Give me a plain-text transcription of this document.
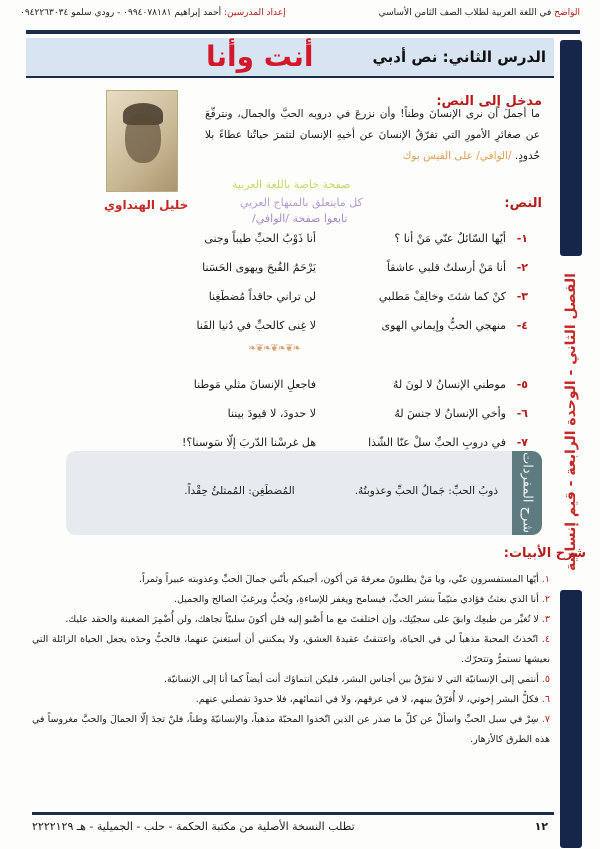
الواضح في اللغة العربية لطلاب الصف الثامن الأساسي
إعداد المدرسين: أحمد إبراهيم ٠٩٩٤٠٧٨١٨١ - رودي سلمو ٠٩٤٢٢٦٣٠٣٤
الدرس الثاني: نص أدبي
أنت وأنا
الفصل الثاني - الوحدة الرابعة - قيم إنسانية
مدخل إلى النص:
ما أجملَ أن نرى الإنسانَ وطناً! وأن نزرعَ في دروبه الحبَّ والجمال، ونترفّعَ عن صغائرِ الأمورِ التي تفرّقُ الإنسانَ عن أخيهِ الإنسان لتثمرَ حياتُنا عطاءً بلا حُدودٍ. /الوافي/ على الفيس بوك
خليل الهنداوي
صفحة خاصة باللغة العربية
كل مايتعلق بالمنهاج العربي
تابعوا صفحة /الوافي/
النص:
١-
أيّها السّائلُ عنّي مَنْ أنا ؟
أنا ذَوْبُ الحبِّ طيباً وجنى
٢-
أنا مَنْ أرسلتُ قلبي عاشقاً
يَرْحَمُ القُبحَ ويهوى الحَسَنا
٣-
كنْ كما شئتَ وخالِفْ مَطلبي
لن تراني حاقداً مُضطَغِنا
٤-
منهجي الحبُّ وإيماني الهوى
لا غِنى كالحبِّ في دُنيا الفَنا
٥-
موطني الإنسانُ لا لونَ لهُ
فاجعلِ الإنسانَ مثلي مَوطنا
٦-
وأخي الإنسانُ لا جنسَ لهُ
لا حدودَ، لا قيودَ بيننا
٧-
في دروبِ الحبِّ سلْ عنّا الشّذا
هل غرسْنا الدّربَ إلّا سَوسنا؟!
❧❦❧❦❧❦❧
شرح المفردات
ذوبُ الحبِّ: جَمالُ الحبِّ وعذوبتُهُ.
المُضطَغِن: المُمتلئُ حِقْداً.
شرح الأبيات:
١. أيّها المستفسرون عنّي، ويا مَنْ يطلبونَ معرفةَ مَن أكون، أجيبكم بأنّني جمالَ الحبِّ وعذوبته عبيراً وثمراً.
٢. أنا الذي بعثتُ فؤادي متيّماً بنشر الحبِّ، فيسامح ويغفر للإساءةِ، ويُحبُّ ويرغبُ الصالح والجميل.
٣. لا تُغيِّر من طبعِك وابقَ على سجيّتِك، وإن اختلفتَ مع ما أَصْبو إليه فلن أكونَ سلبيّاً تجاهك، ولن أُضْمِرَ الضغينة والحقد عليك.
٤. اتّخذتُ المحبةَ مذهباً لي في الحياة، واعتنقتُ عقيدةَ العشق، ولا يمكنني أن أستغنيَ عنهما، فالحبُّ وحدَه يجعل الحياة الزائلة التي نعيشها تستمرُّ وتتحرّك.
٥. أنتمي إلى الإنسانيّة التي لا تفرّقُ بين أجناس البشر، فليكن انتماؤك أنت أيضاً كما أنا إلى الإنسانيّة.
٦. فكلُّ البشر إخوتي، لا أُفرّقُ بينهم، لا في عرقهم، ولا في انتمائهم، فلا حدودَ تفصلني عنهم.
٧. سِرْ في سبل الحبِّ واسألْ عن كلِّ ما صدر عن الذين اتّخذوا المحبّةَ مذهباً، والإنسانيّةَ وطناً، فلنْ تجدَ إلّا الجمالَ والحبَّ مغروساً في هذه الطرق كالأزهار.
١٢
تطلب النسخة الأصلية من مكتبة الحكمة - حلب - الجميلية - هـ ٢٢٢٢١٢٩
